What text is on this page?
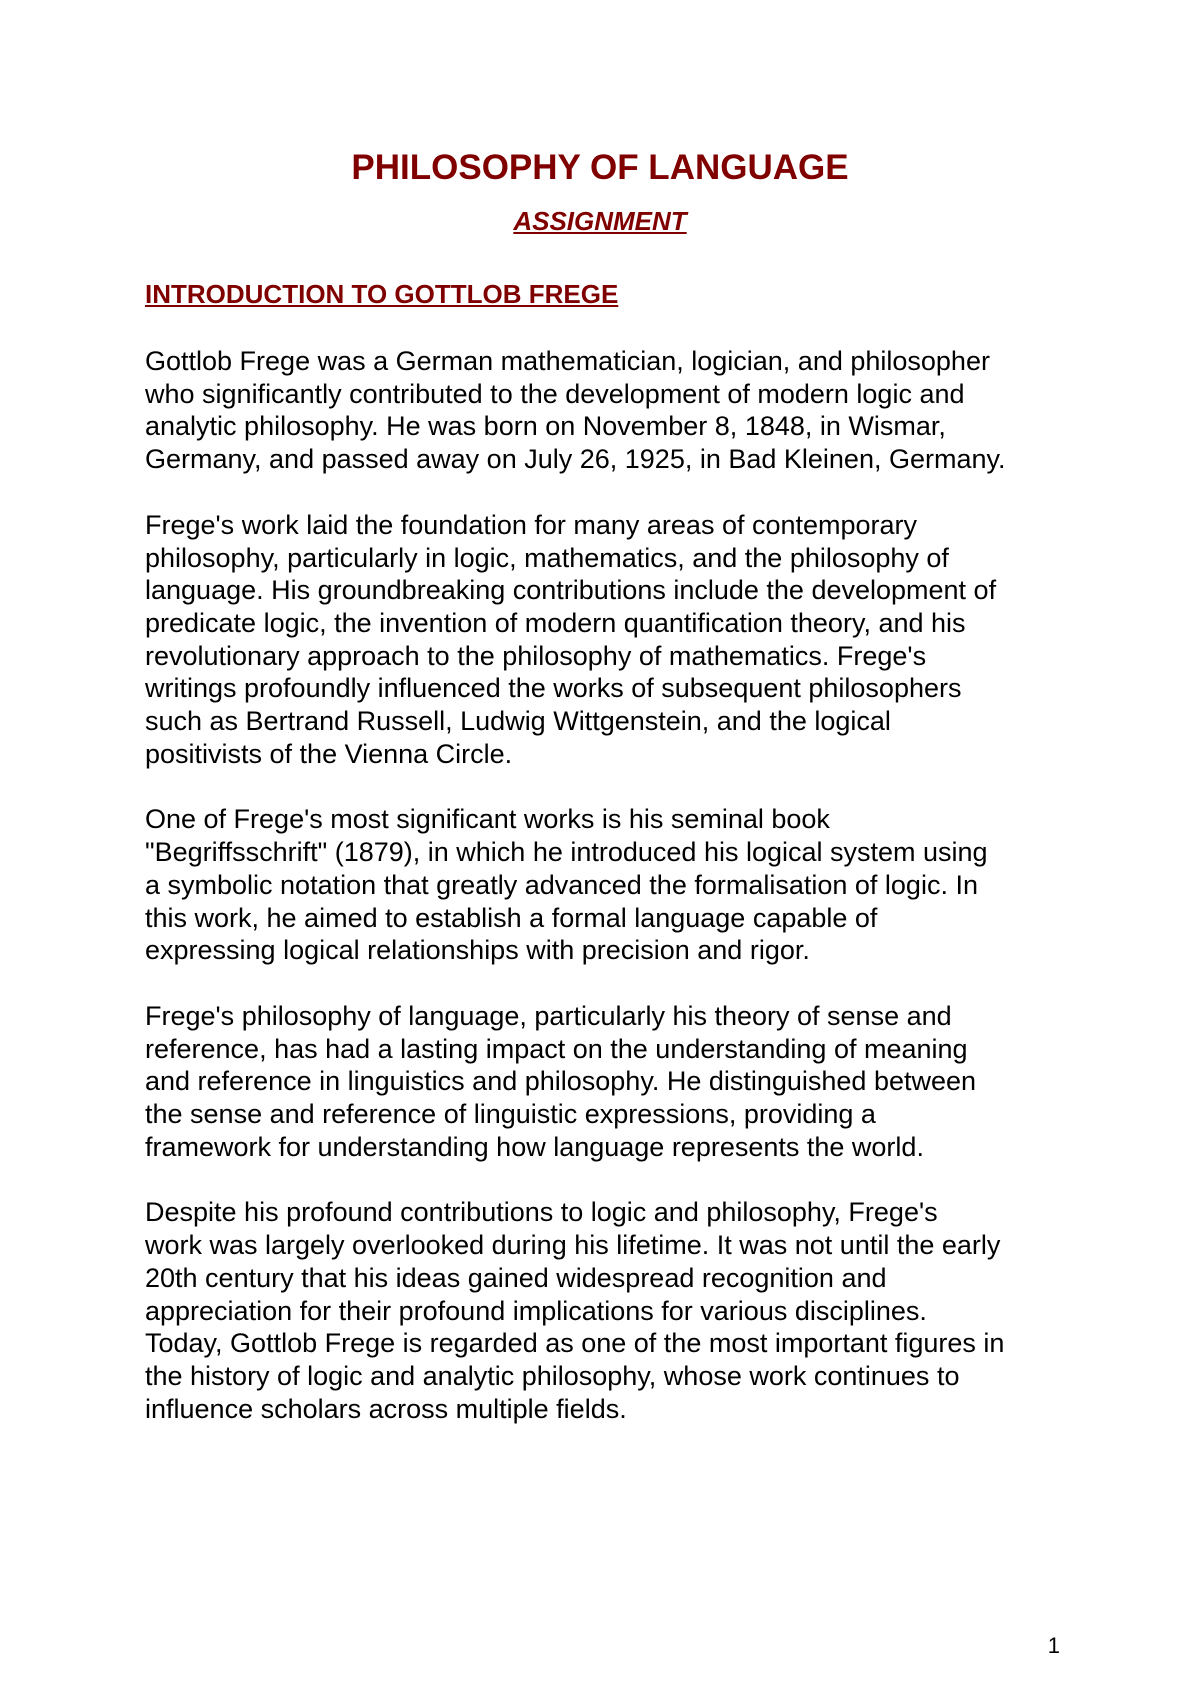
PHILOSOPHY OF LANGUAGE
ASSIGNMENT
INTRODUCTION TO GOTTLOB FREGE

Gottlob Frege was a German mathematician, logician, and philosopher
who significantly contributed to the development of modern logic and
analytic philosophy. He was born on November 8, 1848, in Wismar,
Germany, and passed away on July 26, 1925, in Bad Kleinen, Germany.

Frege's work laid the foundation for many areas of contemporary
philosophy, particularly in logic, mathematics, and the philosophy of
language. His groundbreaking contributions include the development of
predicate logic, the invention of modern quantification theory, and his
revolutionary approach to the philosophy of mathematics. Frege's
writings profoundly influenced the works of subsequent philosophers
such as Bertrand Russell, Ludwig Wittgenstein, and the logical
positivists of the Vienna Circle.

One of Frege's most significant works is his seminal book
"Begriffsschrift" (1879), in which he introduced his logical system using
a symbolic notation that greatly advanced the formalisation of logic. In
this work, he aimed to establish a formal language capable of
expressing logical relationships with precision and rigor.

Frege's philosophy of language, particularly his theory of sense and
reference, has had a lasting impact on the understanding of meaning
and reference in linguistics and philosophy. He distinguished between
the sense and reference of linguistic expressions, providing a
framework for understanding how language represents the world.

Despite his profound contributions to logic and philosophy, Frege's
work was largely overlooked during his lifetime. It was not until the early
20th century that his ideas gained widespread recognition and
appreciation for their profound implications for various disciplines.
Today, Gottlob Frege is regarded as one of the most important figures in
the history of logic and analytic philosophy, whose work continues to
influence scholars across multiple fields.

1
